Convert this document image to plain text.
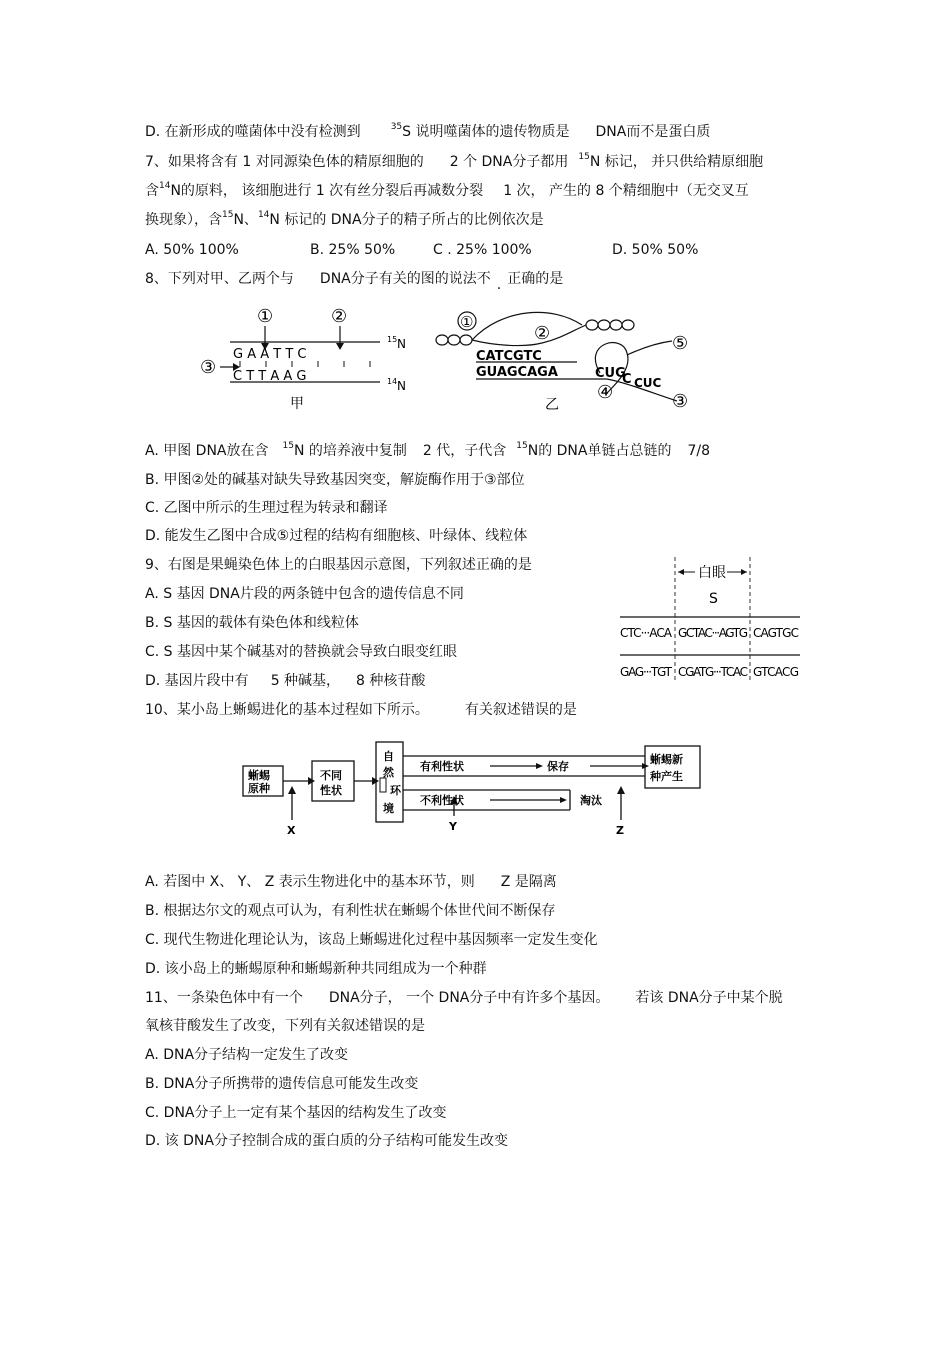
D. 在新形成的噬菌体中没有检测到	$^{35}$S 说明噬菌体的遗传物质是 DNA而不是蛋白质
7、如果将含有 1 对同源染色体的精原细胞的 2 个 DNA分子都用 $^{15}$N 标记， 并只供给精原细胞
含$^{14}$N的原料， 该细胞进行 1 次有丝分裂后再减数分裂 1 次， 产生的 8 个精细胞中（无交叉互
换现象），含$^{15}$N、$^{14}$N 标记的 DNA分子的精子所占的比例依次是
A. 50% 100%	B. 25% 50%	C . 25% 100%	D. 50% 50%
8、下列对甲、乙两个与 DNA分子有关的图的说法不 . 正确的是
①	②
③
G A A T T C
C T T A A G
15 N
14 N
甲
①
②	⑤
CATCGTC
GUAGCAGA	CUG
C CUC
④	③
乙
A. 甲图 DNA放在含 $^{15}$N 的培养液中复制 2 代，子代含 $^{15}$N的 DNA单链占总链的 7/8
B. 甲图②处的碱基对缺失导致基因突变，解旋酶作用于③部位
C. 乙图中所示的生理过程为转录和翻译
D. 能发生乙图中合成⑤过程的结构有细胞核、叶绿体、线粒体
9、右图是果蝇染色体上的白眼基因示意图，下列叙述正确的是
A. S 基因 DNA片段的两条链中包含的遗传信息不同
B. S 基因的载体有染色体和线粒体
C. S 基因中某个碱基对的替换就会导致白眼变红眼
D. 基因片段中有 5 种碱基， 8 种核苷酸
白眼
S
CTC···ACA GCTAC···AGTG CAGTGC
GAG···TGT CGATG···TCAC GTCACG
10、某小岛上蜥蜴进化的基本过程如下所示。	有关叙述错误的是
蜥蜴
原种
不同
性状
自
然
环
境
有利性状	保存
不利性状	淘汰
蜥蜴新
种产生
X	Y	Z
A. 若图中 X、 Y、 Z 表示生物进化中的基本环节，则 Z 是隔离
B. 根据达尔文的观点可认为，有利性状在蜥蜴个体世代间不断保存
C. 现代生物进化理论认为，该岛上蜥蜴进化过程中基因频率一定发生变化
D. 该小岛上的蜥蜴原种和蜥蜴新种共同组成为一个种群
11、一条染色体中有一个 DNA分子， 一个 DNA分子中有许多个基因。 若该 DNA分子中某个脱
氧核苷酸发生了改变，下列有关叙述错误的是
A. DNA分子结构一定发生了改变
B. DNA分子所携带的遗传信息可能发生改变
C. DNA分子上一定有某个基因的结构发生了改变
D. 该 DNA分子控制合成的蛋白质的分子结构可能发生改变
